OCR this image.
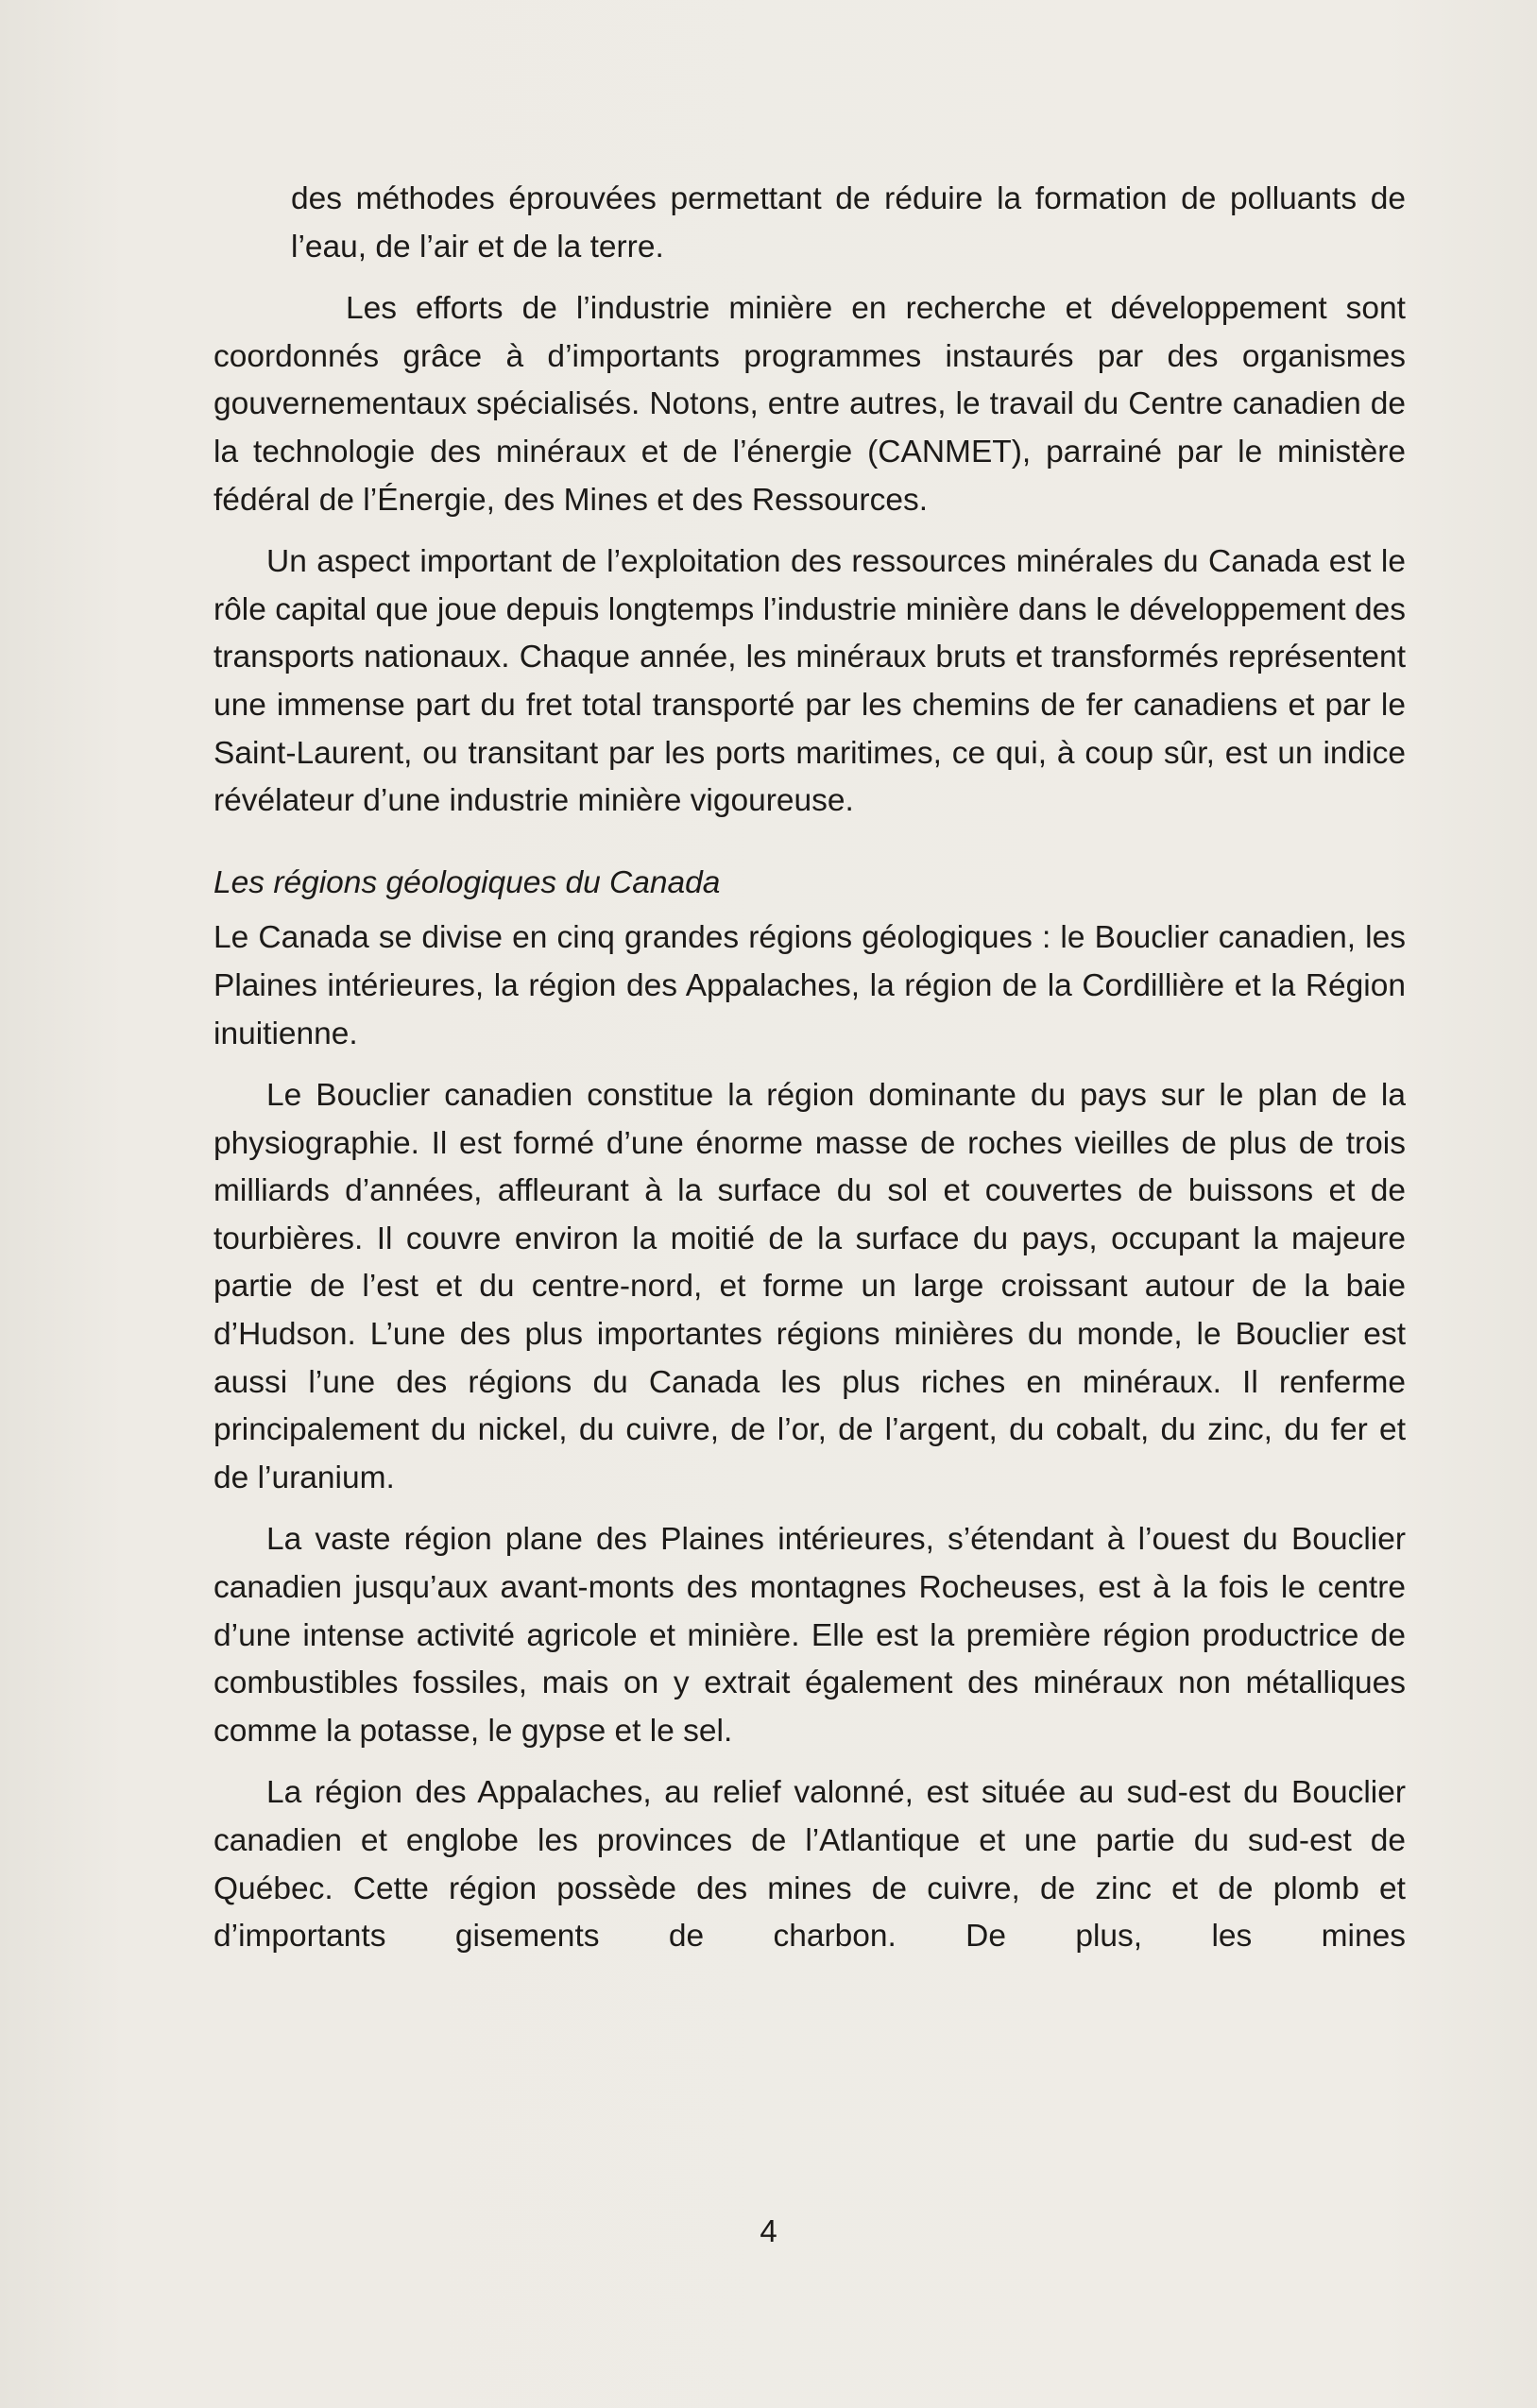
des méthodes éprouvées permettant de réduire la formation de polluants de l’eau, de l’air et de la terre.

Les efforts de l’industrie minière en recherche et développement sont coordonnés grâce à d’importants programmes instaurés par des organismes gouvernementaux spécialisés. Notons, entre autres, le travail du Centre canadien de la technologie des minéraux et de l’énergie (CANMET), parrainé par le ministère fédéral de l’Énergie, des Mines et des Ressources.

Un aspect important de l’exploitation des ressources minérales du Canada est le rôle capital que joue depuis longtemps l’industrie minière dans le développement des transports nationaux. Chaque année, les minéraux bruts et transformés représentent une immense part du fret total transporté par les chemins de fer canadiens et par le Saint-Laurent, ou transitant par les ports maritimes, ce qui, à coup sûr, est un indice révélateur d’une industrie minière vigoureuse.

Les régions géologiques du Canada

Le Canada se divise en cinq grandes régions géologiques : le Bouclier canadien, les Plaines intérieures, la région des Appalaches, la région de la Cordillière et la Région inuitienne.

Le Bouclier canadien constitue la région dominante du pays sur le plan de la physiographie. Il est formé d’une énorme masse de roches vieilles de plus de trois milliards d’années, affleurant à la surface du sol et couvertes de buissons et de tourbières. Il couvre environ la moitié de la surface du pays, occupant la majeure partie de l’est et du centre-nord, et forme un large croissant autour de la baie d’Hudson. L’une des plus importantes régions minières du monde, le Bouclier est aussi l’une des régions du Canada les plus riches en minéraux. Il renferme principalement du nickel, du cuivre, de l’or, de l’argent, du cobalt, du zinc, du fer et de l’uranium.

La vaste région plane des Plaines intérieures, s’étendant à l’ouest du Bouclier canadien jusqu’aux avant-monts des montagnes Rocheuses, est à la fois le centre d’une intense activité agricole et minière. Elle est la première région productrice de combustibles fossiles, mais on y extrait également des minéraux non métalliques comme la potasse, le gypse et le sel.

La région des Appalaches, au relief valonné, est située au sud-est du Bouclier canadien et englobe les provinces de l’Atlantique et une partie du sud-est de Québec. Cette région possède des mines de cuivre, de zinc et de plomb et d’importants gisements de charbon. De plus, les mines

4
